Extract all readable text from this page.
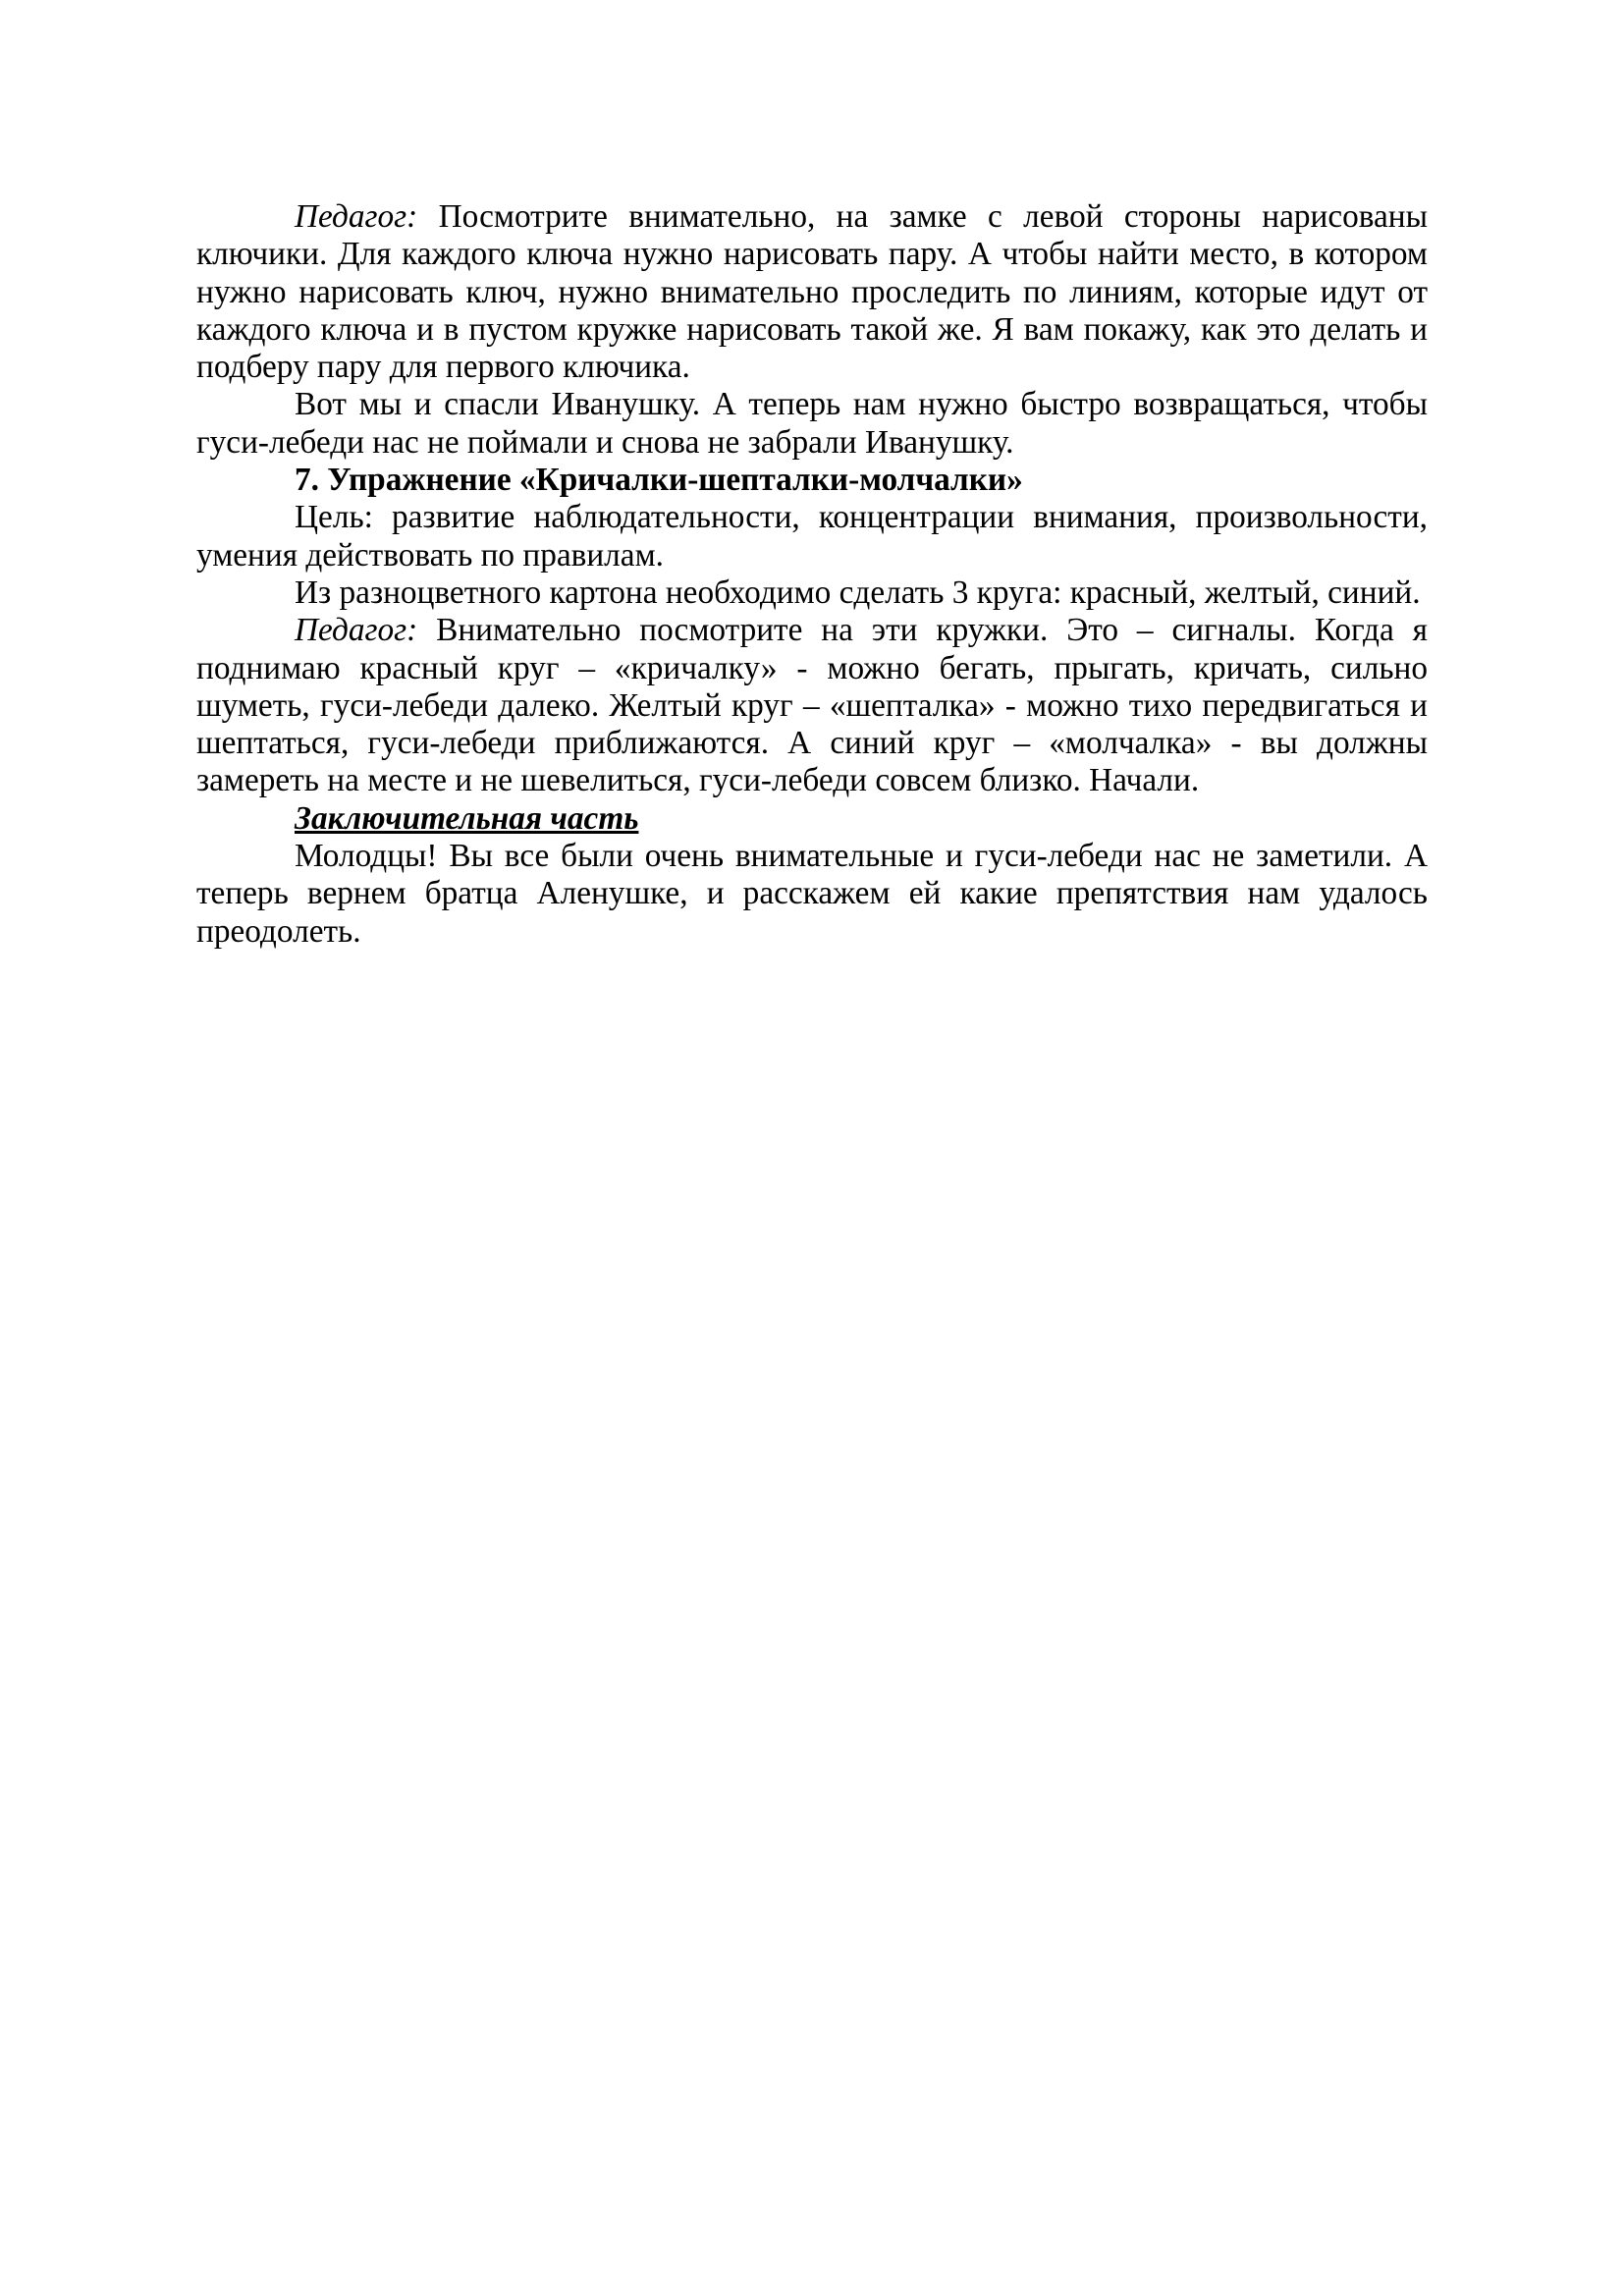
Педагог: Посмотрите внимательно, на замке с левой стороны нарисованы ключики. Для каждого ключа нужно нарисовать пару. А чтобы найти место, в котором нужно нарисовать ключ, нужно внимательно проследить по линиям, которые идут от каждого ключа и в пустом кружке нарисовать такой же. Я вам покажу, как это делать и подберу пару для первого ключика.

Вот мы и спасли Иванушку. А теперь нам нужно быстро возвращаться, чтобы гуси-лебеди нас не поймали и снова не забрали Иванушку.

7. Упражнение «Кричалки-шепталки-молчалки»

Цель: развитие наблюдательности, концентрации внимания, произвольности, умения действовать по правилам.

Из разноцветного картона необходимо сделать 3 круга: красный, желтый, синий.

Педагог: Внимательно посмотрите на эти кружки. Это – сигналы. Когда я поднимаю красный круг – «кричалку» - можно бегать, прыгать, кричать, сильно шуметь, гуси-лебеди далеко. Желтый круг – «шепталка» - можно тихо передвигаться и шептаться, гуси-лебеди приближаются. А синий круг – «молчалка» - вы должны замереть на месте и не шевелиться, гуси-лебеди совсем близко. Начали.

Заключительная часть

Молодцы! Вы все были очень внимательные и гуси-лебеди нас не заметили. А теперь вернем братца Аленушке, и расскажем ей какие препятствия нам удалось преодолеть.
